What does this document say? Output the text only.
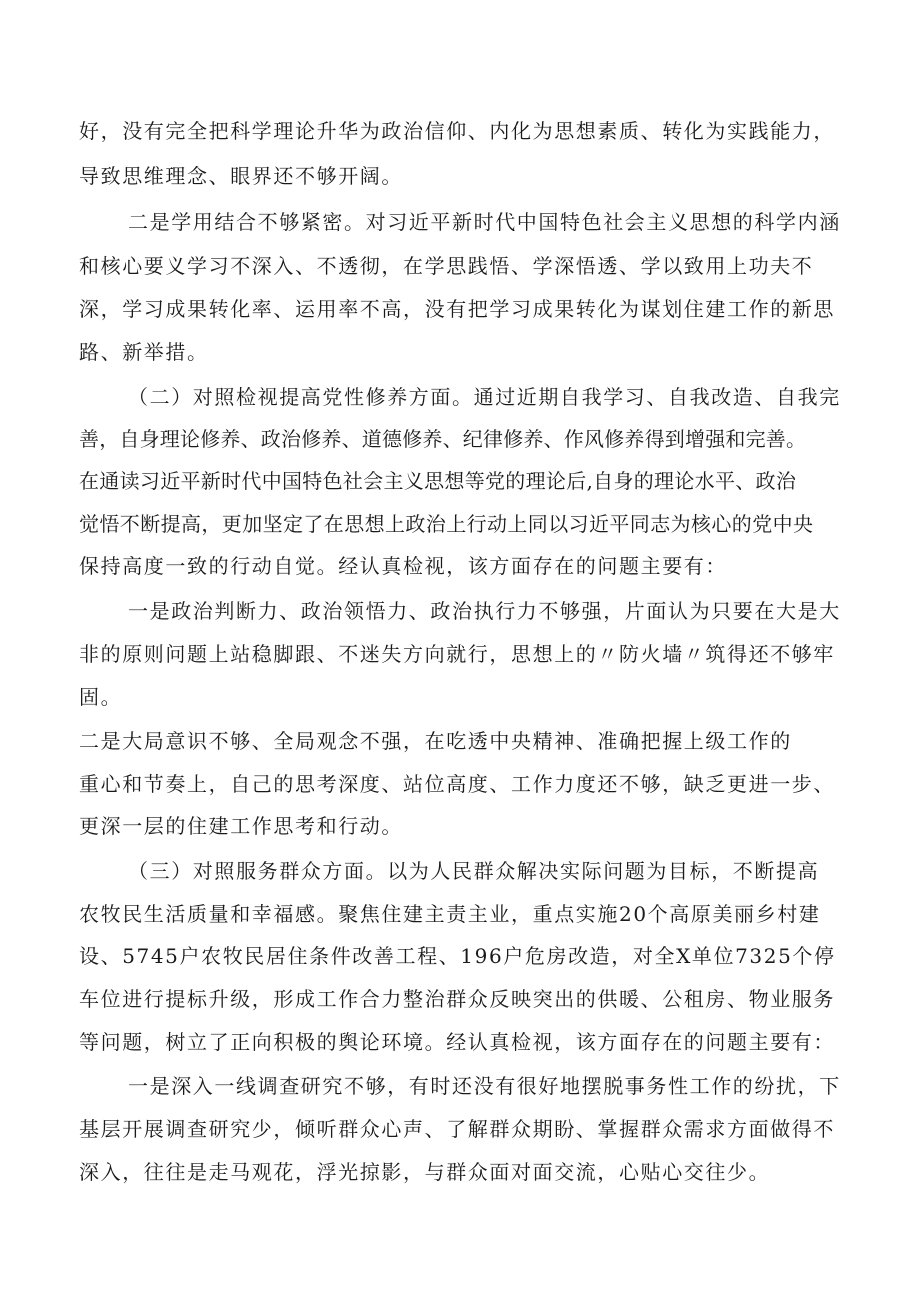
好，没有完全把科学理论升华为政治信仰、内化为思想素质、转化为实践能力，
导致思维理念、眼界还不够开阔。
二是学用结合不够紧密。对习近平新时代中国特色社会主义思想的科学内涵
和核心要义学习不深入、不透彻，在学思践悟、学深悟透、学以致用上功夫不
深，学习成果转化率、运用率不高，没有把学习成果转化为谋划住建工作的新思
路、新举措。
（二）对照检视提高党性修养方面。通过近期自我学习、自我改造、自我完
善，自身理论修养、政治修养、道德修养、纪律修养、作风修养得到增强和完善。
在通读习近平新时代中国特色社会主义思想等党的理论后,自身的理论水平、政治
觉悟不断提高，更加坚定了在思想上政治上行动上同以习近平同志为核心的党中央
保持高度一致的行动自觉。经认真检视，该方面存在的问题主要有：
一是政治判断力、政治领悟力、政治执行力不够强，片面认为只要在大是大
非的原则问题上站稳脚跟、不迷失方向就行，思想上的〃防火墙〃筑得还不够牢
固。
二是大局意识不够、全局观念不强，在吃透中央精神、准确把握上级工作的
重心和节奏上，自己的思考深度、站位高度、工作力度还不够，缺乏更进一步、
更深一层的住建工作思考和行动。
（三）对照服务群众方面。以为人民群众解决实际问题为目标，不断提高
农牧民生活质量和幸福感。聚焦住建主责主业，重点实施20个高原美丽乡村建
设、5745户农牧民居住条件改善工程、196户危房改造，对全X单位7325个停
车位进行提标升级，形成工作合力整治群众反映突出的供暖、公租房、物业服务
等问题，树立了正向积极的舆论环境。经认真检视，该方面存在的问题主要有：
一是深入一线调查研究不够，有时还没有很好地摆脱事务性工作的纷扰，下
基层开展调查研究少，倾听群众心声、了解群众期盼、掌握群众需求方面做得不
深入，往往是走马观花，浮光掠影，与群众面对面交流，心贴心交往少。
